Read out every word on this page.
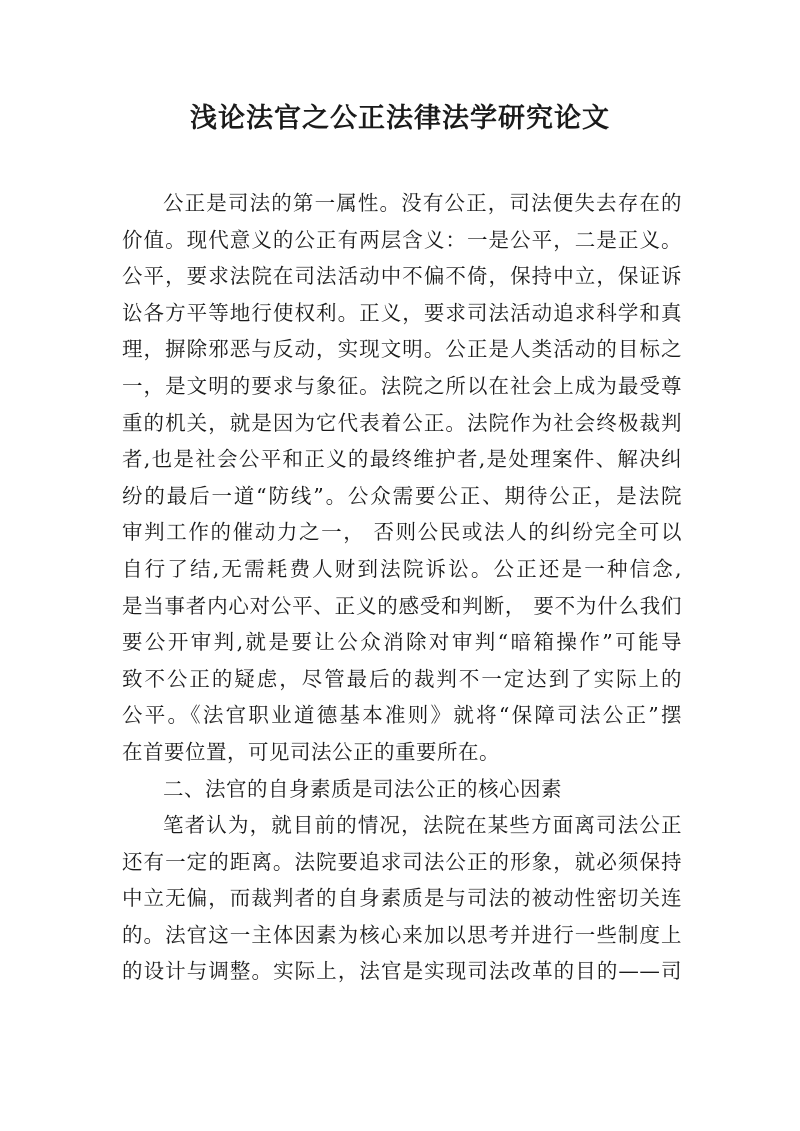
浅论法官之公正法律法学研究论文
公正是司法的第一属性。没有公正，司法便失去存在的
价值。现代意义的公正有两层含义：一是公平，二是正义。
公平，要求法院在司法活动中不偏不倚，保持中立，保证诉
讼各方平等地行使权利。正义，要求司法活动追求科学和真
理，摒除邪恶与反动，实现文明。公正是人类活动的目标之
一，是文明的要求与象征。法院之所以在社会上成为最受尊
重的机关，就是因为它代表着公正。法院作为社会终极裁判
者,也是社会公平和正义的最终维护者,是处理案件、解决纠
纷的最后一道“防线”。公众需要公正、期待公正，是法院
审判工作的催动力之一， 否则公民或法人的纠纷完全可以
自行了结,无需耗费人财到法院诉讼。公正还是一种信念,
是当事者内心对公平、正义的感受和判断， 要不为什么我们
要公开审判,就是要让公众消除对审判“暗箱操作”可能导
致不公正的疑虑，尽管最后的裁判不一定达到了实际上的
公平。《法官职业道德基本准则》就将“保障司法公正”摆
在首要位置，可见司法公正的重要所在。
二、法官的自身素质是司法公正的核心因素
笔者认为，就目前的情况，法院在某些方面离司法公正
还有一定的距离。法院要追求司法公正的形象，就必须保持
中立无偏，而裁判者的自身素质是与司法的被动性密切关连
的。法官这一主体因素为核心来加以思考并进行一些制度上
的设计与调整。实际上，法官是实现司法改革的目的——司
